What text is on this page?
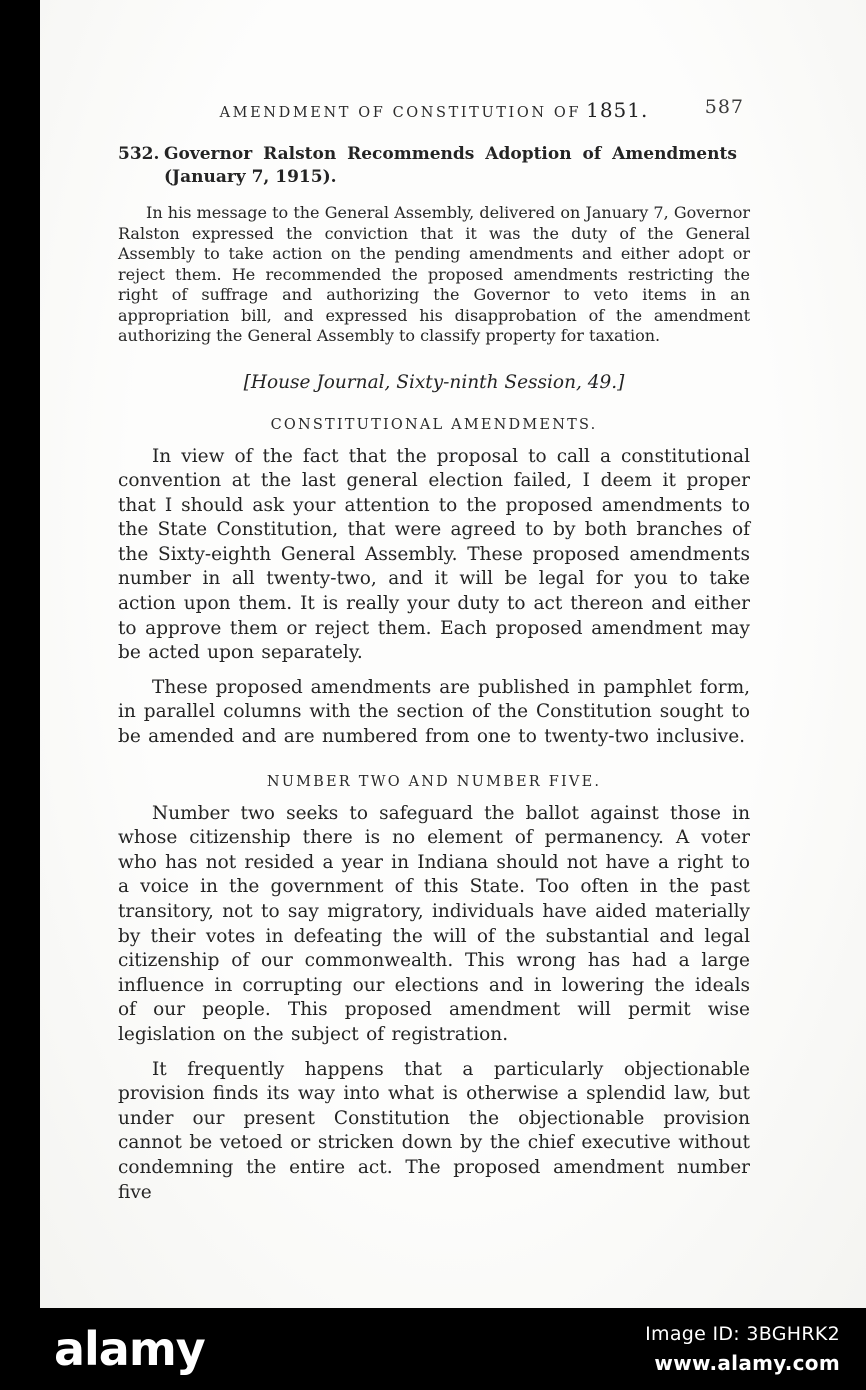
AMENDMENT OF CONSTITUTION OF 1851.	587
532. Governor Ralston Recommends Adoption of Amendments
(January 7, 1915).

In his message to the General Assembly, delivered on January 7, Governor Ralston expressed the conviction that it was the duty of the General Assembly to take action on the pending amendments and either adopt or reject them. He recommended the proposed amendments restricting the right of suffrage and authorizing the Governor to veto items in an appropriation bill, and expressed his disapprobation of the amendment authorizing the General Assembly to classify property for taxation.

[House Journal, Sixty-ninth Session, 49.]
CONSTITUTIONAL AMENDMENTS.

In view of the fact that the proposal to call a constitutional convention at the last general election failed, I deem it proper that I should ask your attention to the proposed amendments to the State Constitution, that were agreed to by both branches of the Sixty-eighth General Assembly. These proposed amendments number in all twenty-two, and it will be legal for you to take action upon them. It is really your duty to act thereon and either to approve them or reject them. Each proposed amendment may be acted upon separately.

These proposed amendments are published in pamphlet form, in parallel columns with the section of the Constitution sought to be amended and are numbered from one to twenty-two inclusive.

NUMBER TWO AND NUMBER FIVE.

Number two seeks to safeguard the ballot against those in whose citizenship there is no element of permanency. A voter who has not resided a year in Indiana should not have a right to a voice in the government of this State. Too often in the past transitory, not to say migratory, individuals have aided materially by their votes in defeating the will of the substantial and legal citizenship of our commonwealth. This wrong has had a large influence in corrupting our elections and in lowering the ideals of our people. This proposed amendment will permit wise legislation on the subject of registration.

It frequently happens that a particularly objectionable provision finds its way into what is otherwise a splendid law, but under our present Constitution the objectionable provision cannot be vetoed or stricken down by the chief executive without condemning the entire act. The proposed amendment number five

alamy	Image ID: 3BGHRK2
www.alamy.com
